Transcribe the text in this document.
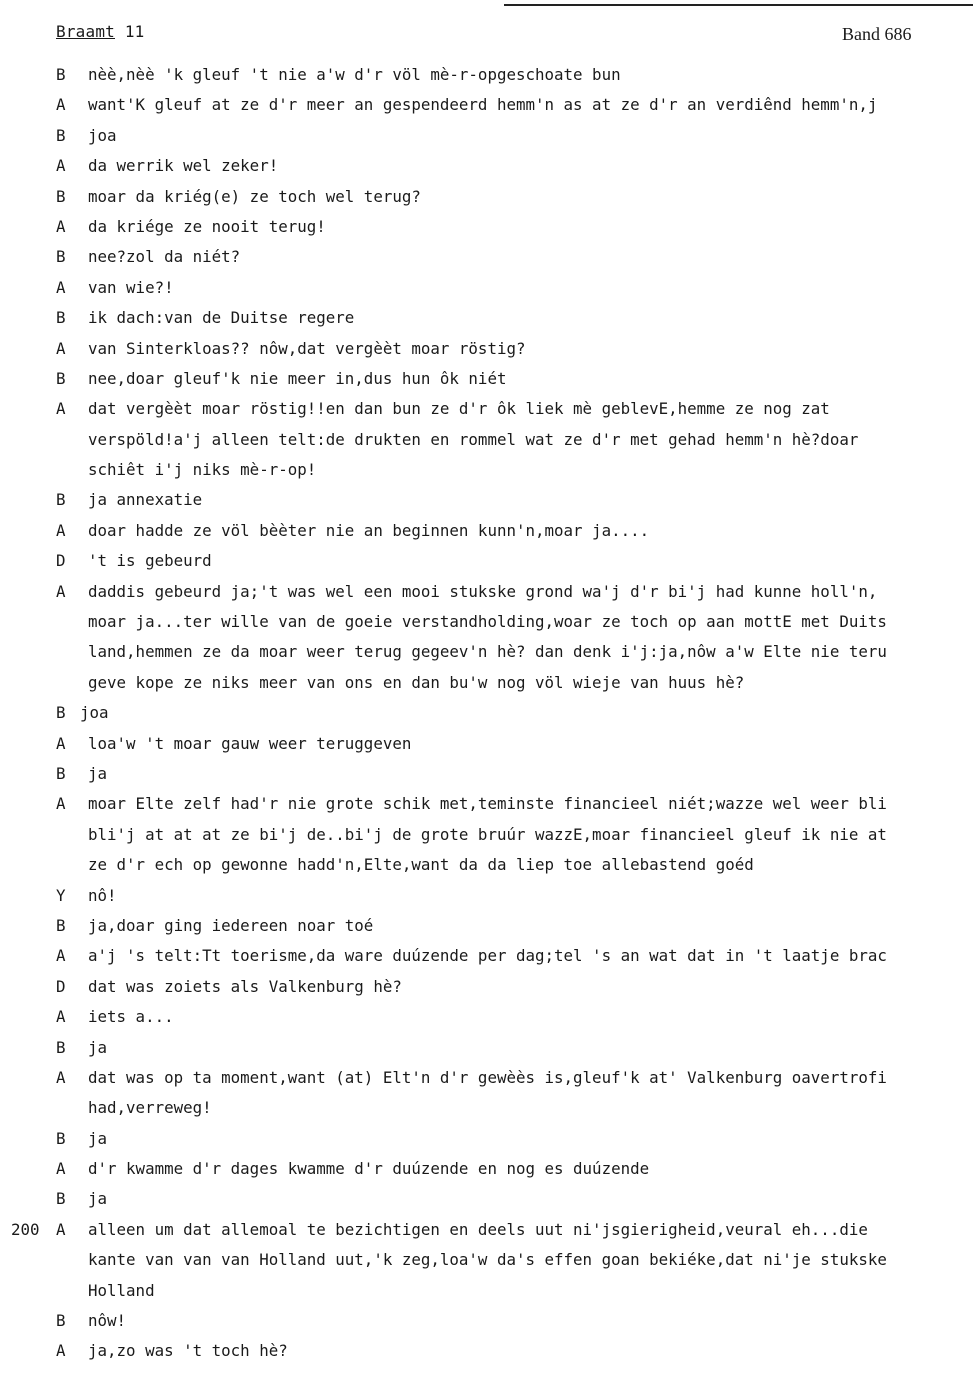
Braamt 11	Band 686
B nèè,nèè 'k gleuf 't nie a'w d'r völ mè-r-opgeschoate bun
A want'K gleuf at ze d'r meer an gespendeerd hemm'n as at ze d'r an verdiênd hemm'n,j
B joa
A da werrik wel zeker!
B moar da kriég(e) ze toch wel terug?
A da kriége ze nooit terug!
B nee?zol da niét?
A van wie?!
B ik dach:van de Duitse regere
A van Sinterkloas?? nôw,dat vergèèt moar röstig?
B nee,doar gleuf'k nie meer in,dus hun ôk niét
A dat vergèèt moar röstig!!en dan bun ze d'r ôk liek mè geblevE,hemme ze nog zat
verspöld!a'j alleen telt:de drukten en rommel wat ze d'r met gehad hemm'n hè?doar
schiêt i'j niks mè-r-op!
B ja annexatie
A doar hadde ze völ bèèter nie an beginnen kunn'n,moar ja....
D 't is gebeurd
A daddis gebeurd ja;'t was wel een mooi stukske grond wa'j d'r bi'j had kunne holl'n,
moar ja...ter wille van de goeie verstandholding,woar ze toch op aan mottE met Duits
land,hemmen ze da moar weer terug gegeev'n hè? dan denk i'j:ja,nôw a'w Elte nie teru
geve kope ze niks meer van ons en dan bu'w nog völ wieje van huus hè?
B joa
A loa'w 't moar gauw weer teruggeven
B ja
A moar Elte zelf had'r nie grote schik met,teminste financieel niét;wazze wel weer bli
bli'j at at at ze bi'j de..bi'j de grote bruúr wazzE,moar financieel gleuf ik nie at
ze d'r ech op gewonne hadd'n,Elte,want da da liep toe allebastend goéd
Y nô!
B ja,doar ging iedereen noar toé
A a'j 's telt:Tt toerisme,da ware duúzende per dag;tel 's an wat dat in 't laatje brac
D dat was zoiets als Valkenburg hè?
A iets a...
B ja
A dat was op ta moment,want (at) Elt'n d'r gewèès is,gleuf'k at' Valkenburg oavertrofi
had,verreweg!
B ja
A d'r kwamme d'r dages kwamme d'r duúzende en nog es duúzende
B ja
200 A alleen um dat allemoal te bezichtigen en deels uut ni'jsgierigheid,veural eh...die
kante van van van Holland uut,'k zeg,loa'w da's effen goan bekiéke,dat ni'je stukske
Holland
B nôw!
A ja,zo was 't toch hè?
